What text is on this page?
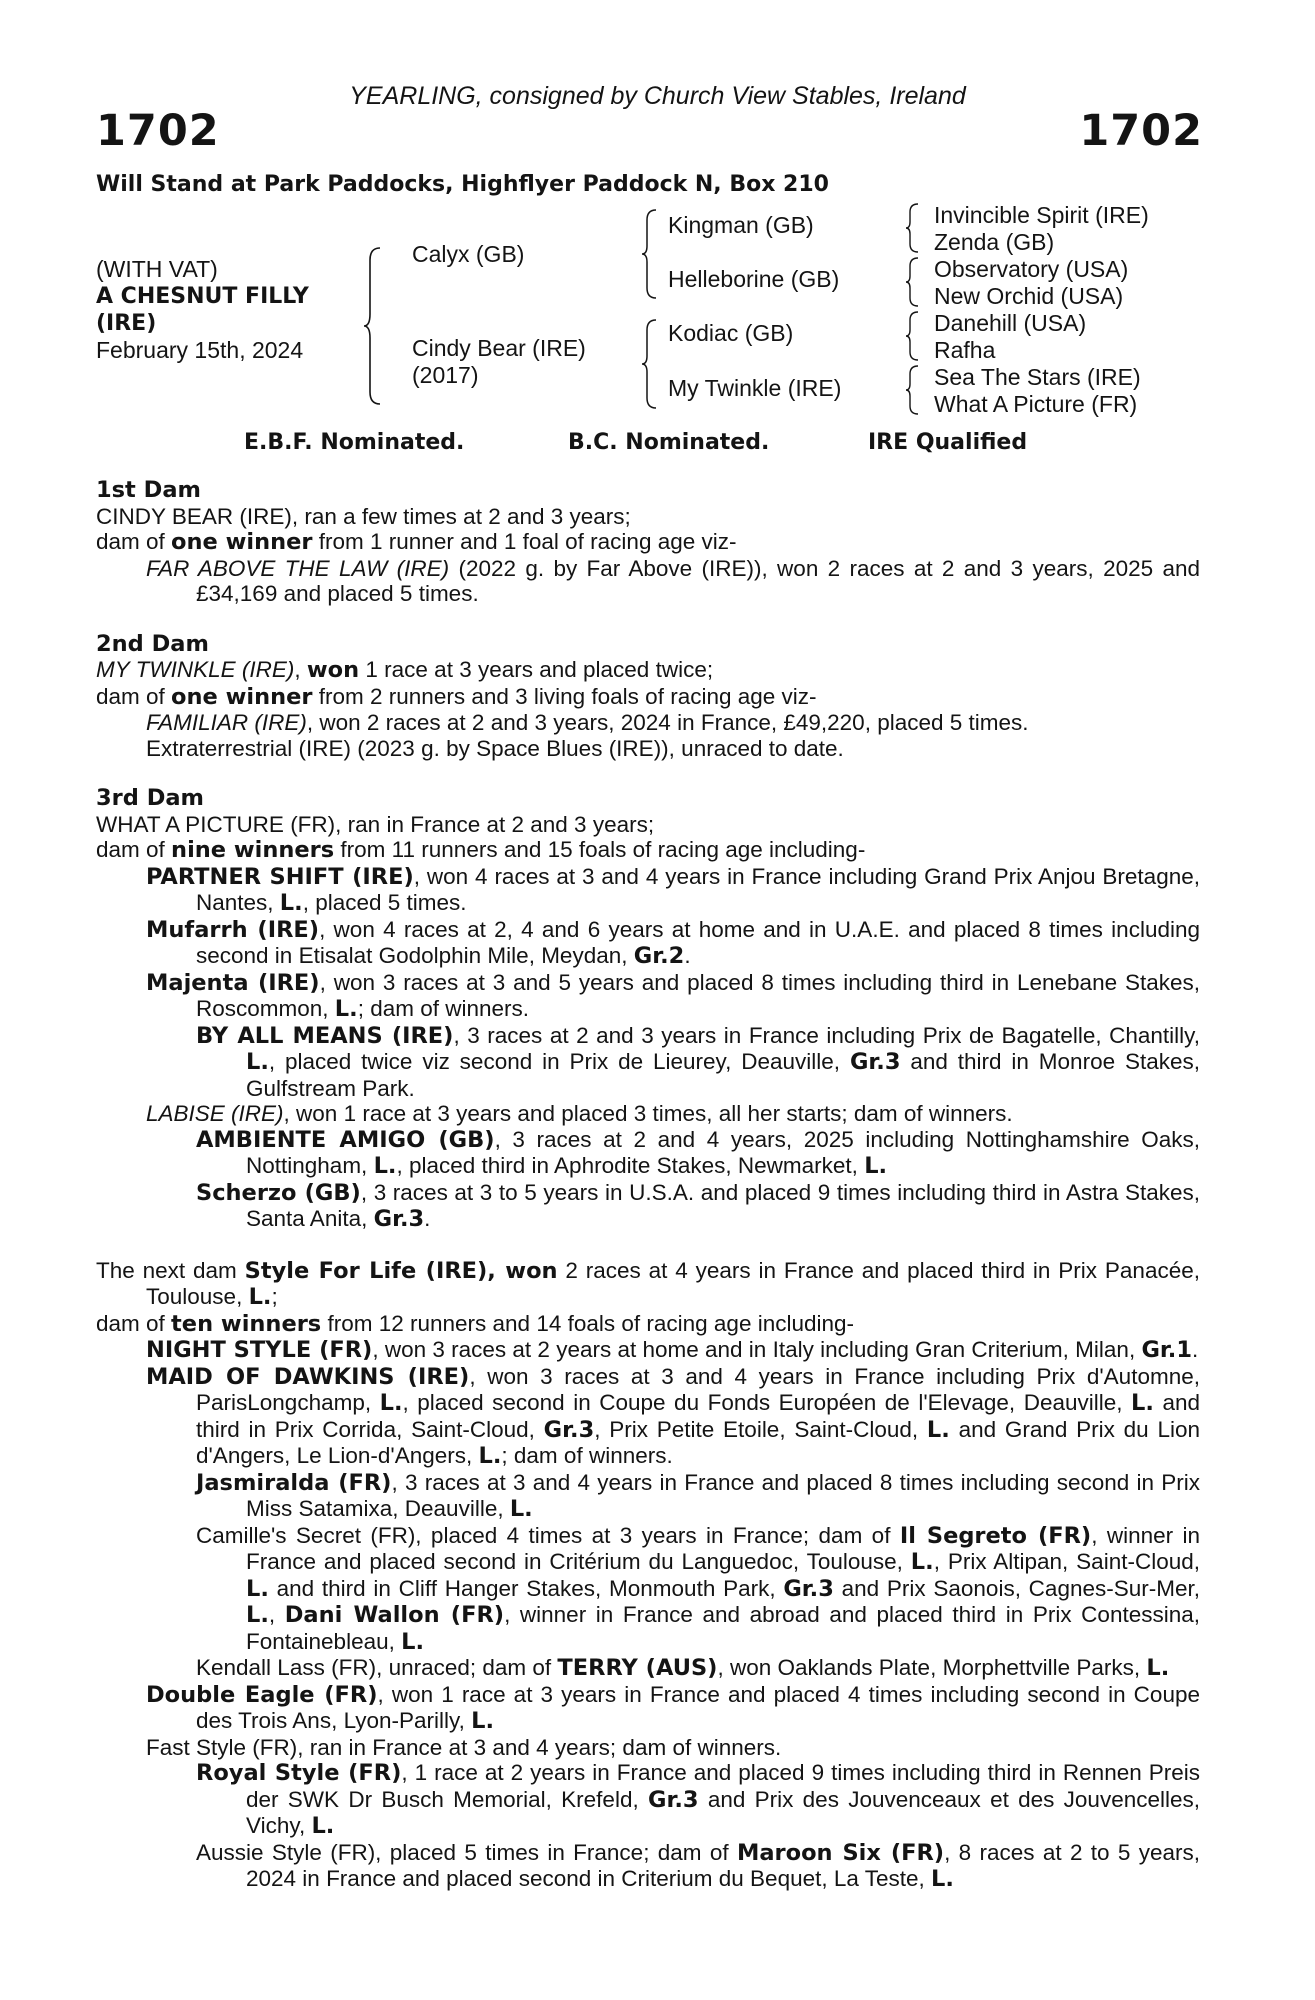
1702	1702
YEARLING, consigned by Church View Stables, Ireland
Will Stand at Park Paddocks, Highflyer Paddock N, Box 210
(WITH VAT)
A CHESNUT FILLY
(IRE)
February 15th, 2024
Calyx (GB)
Cindy Bear (IRE)
(2017)
Kingman (GB)
Helleborine (GB)
Kodiac (GB)
My Twinkle (IRE)
Invincible Spirit (IRE)
Zenda (GB)
Observatory (USA)
New Orchid (USA)
Danehill (USA)
Rafha
Sea The Stars (IRE)
What A Picture (FR)
E.B.F. Nominated.	B.C. Nominated.	IRE Qualified

1st Dam

CINDY BEAR (IRE), ran a few times at 2 and 3 years;

dam of one winner from 1 runner and 1 foal of racing age viz-

FAR ABOVE THE LAW (IRE) (2022 g. by Far Above (IRE)), won 2 races at 2 and 3 years, 2025 and £34,169 and placed 5 times.

2nd Dam

MY TWINKLE (IRE), won 1 race at 3 years and placed twice;

dam of one winner from 2 runners and 3 living foals of racing age viz-

FAMILIAR (IRE), won 2 races at 2 and 3 years, 2024 in France, £49,220, placed 5 times.

Extraterrestrial (IRE) (2023 g. by Space Blues (IRE)), unraced to date.

3rd Dam

WHAT A PICTURE (FR), ran in France at 2 and 3 years;

dam of nine winners from 11 runners and 15 foals of racing age including-

PARTNER SHIFT (IRE), won 4 races at 3 and 4 years in France including Grand Prix Anjou Bretagne, Nantes, L., placed 5 times.

Mufarrh (IRE), won 4 races at 2, 4 and 6 years at home and in U.A.E. and placed 8 times including second in Etisalat Godolphin Mile, Meydan, Gr.2.

Majenta (IRE), won 3 races at 3 and 5 years and placed 8 times including third in Lenebane Stakes, Roscommon, L.; dam of winners.

BY ALL MEANS (IRE), 3 races at 2 and 3 years in France including Prix de Bagatelle, Chantilly, L., placed twice viz second in Prix de Lieurey, Deauville, Gr.3 and third in Monroe Stakes, Gulfstream Park.

LABISE (IRE), won 1 race at 3 years and placed 3 times, all her starts; dam of winners.

AMBIENTE AMIGO (GB), 3 races at 2 and 4 years, 2025 including Nottinghamshire Oaks, Nottingham, L., placed third in Aphrodite Stakes, Newmarket, L.

Scherzo (GB), 3 races at 3 to 5 years in U.S.A. and placed 9 times including third in Astra Stakes, Santa Anita, Gr.3.

The next dam Style For Life (IRE), won 2 races at 4 years in France and placed third in Prix Panacée, Toulouse, L.;

dam of ten winners from 12 runners and 14 foals of racing age including-

NIGHT STYLE (FR), won 3 races at 2 years at home and in Italy including Gran Criterium, Milan, Gr.1.

MAID OF DAWKINS (IRE), won 3 races at 3 and 4 years in France including Prix d'Automne, ParisLongchamp, L., placed second in Coupe du Fonds Européen de l'Elevage, Deauville, L. and third in Prix Corrida, Saint-Cloud, Gr.3, Prix Petite Etoile, Saint-Cloud, L. and Grand Prix du Lion d'Angers, Le Lion-d'Angers, L.; dam of winners.

Jasmiralda (FR), 3 races at 3 and 4 years in France and placed 8 times including second in Prix Miss Satamixa, Deauville, L.

Camille's Secret (FR), placed 4 times at 3 years in France; dam of Il Segreto (FR), winner in France and placed second in Critérium du Languedoc, Toulouse, L., Prix Altipan, Saint-Cloud, L. and third in Cliff Hanger Stakes, Monmouth Park, Gr.3 and Prix Saonois, Cagnes-Sur-Mer, L., Dani Wallon (FR), winner in France and abroad and placed third in Prix Contessina, Fontainebleau, L.

Kendall Lass (FR), unraced; dam of TERRY (AUS), won Oaklands Plate, Morphettville Parks, L.

Double Eagle (FR), won 1 race at 3 years in France and placed 4 times including second in Coupe des Trois Ans, Lyon-Parilly, L.

Fast Style (FR), ran in France at 3 and 4 years; dam of winners.

Royal Style (FR), 1 race at 2 years in France and placed 9 times including third in Rennen Preis der SWK Dr Busch Memorial, Krefeld, Gr.3 and Prix des Jouvenceaux et des Jouvencelles, Vichy, L.

Aussie Style (FR), placed 5 times in France; dam of Maroon Six (FR), 8 races at 2 to 5 years, 2024 in France and placed second in Criterium du Bequet, La Teste, L.
